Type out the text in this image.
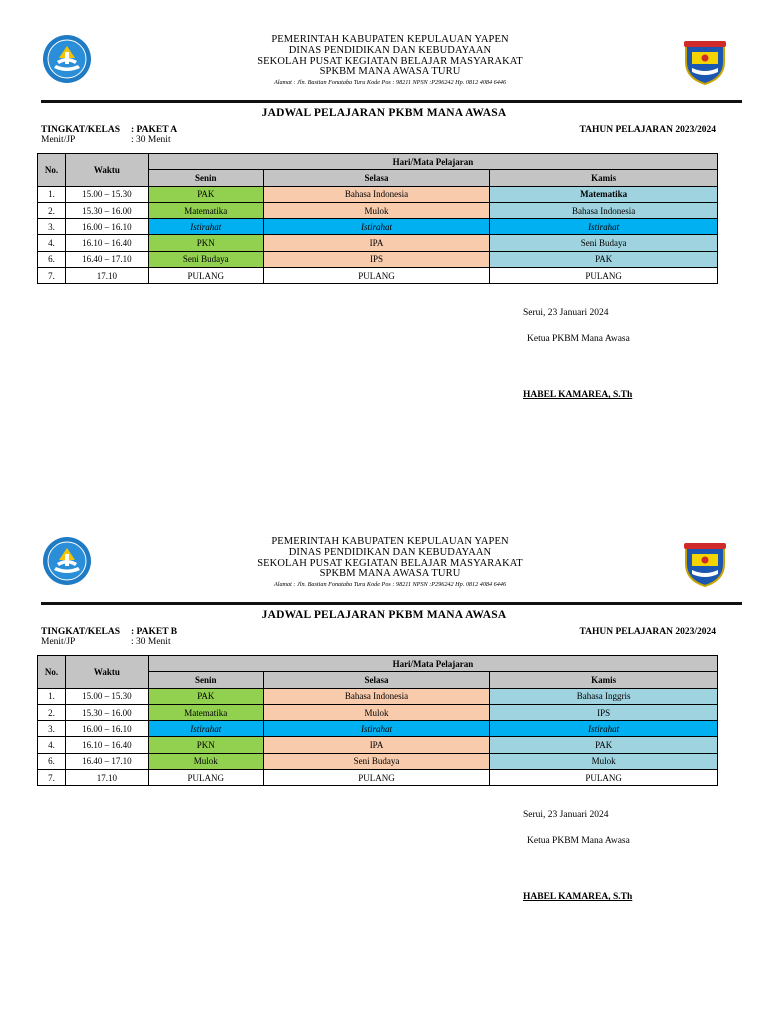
PEMERINTAH KABUPATEN KEPULAUAN YAPEN
DINAS PENDIDIKAN DAN KEBUDAYAAN
SEKOLAH PUSAT KEGIATAN BELAJAR MASYARAKAT
SPKBM MANA AWASA TURU
Alamat : Jln. Bastian Fonataba Turu Kode Pos : 98211 NPSN :P296242 Hp. 0812 4084 6446
JADWAL PELAJARAN PKBM MANA AWASA
TINGKAT/KELAS : PAKET A
Menit/JP	: 30 Menit
TAHUN PELAJARAN 2023/2024
No.	Waktu	Hari/Mata Pelajaran		
		Senin	Selasa	Kamis
1.	15.00 – 15.30	PAK	Bahasa Indonesia	Matematika
2.	15.30 – 16.00	Matematika	Mulok	Bahasa Indonesia
3.	16.00 – 16.10	Istirahat	Istirahat	Istirahat
4.	16.10 – 16.40	PKN	IPA	Seni Budaya
6.	16.40 – 17.10	Seni Budaya	IPS	PAK
7.	17.10	PULANG	PULANG	PULANG
Serui, 23 Januari 2024
Ketua PKBM Mana Awasa
HABEL KAMAREA, S.Th
PEMERINTAH KABUPATEN KEPULAUAN YAPEN
DINAS PENDIDIKAN DAN KEBUDAYAAN
SEKOLAH PUSAT KEGIATAN BELAJAR MASYARAKAT
SPKBM MANA AWASA TURU
Alamat : Jln. Bastian Fonataba Turu Kode Pos : 98211 NPSN :P296242 Hp. 0812 4084 6446
JADWAL PELAJARAN PKBM MANA AWASA
TINGKAT/KELAS : PAKET B
Menit/JP	: 30 Menit
TAHUN PELAJARAN 2023/2024
No.	Waktu	Hari/Mata Pelajaran		
		Senin	Selasa	Kamis
1.	15.00 – 15.30	PAK	Bahasa Indonesia	Bahasa Inggris
2.	15.30 – 16.00	Matematika	Mulok	IPS
3.	16.00 – 16.10	Istirahat	Istirahat	Istirahat
4.	16.10 – 16.40	PKN	IPA	PAK
6.	16.40 – 17.10	Mulok	Seni Budaya	Mulok
7.	17.10	PULANG	PULANG	PULANG
Serui, 23 Januari 2024
Ketua PKBM Mana Awasa
HABEL KAMAREA, S.Th
